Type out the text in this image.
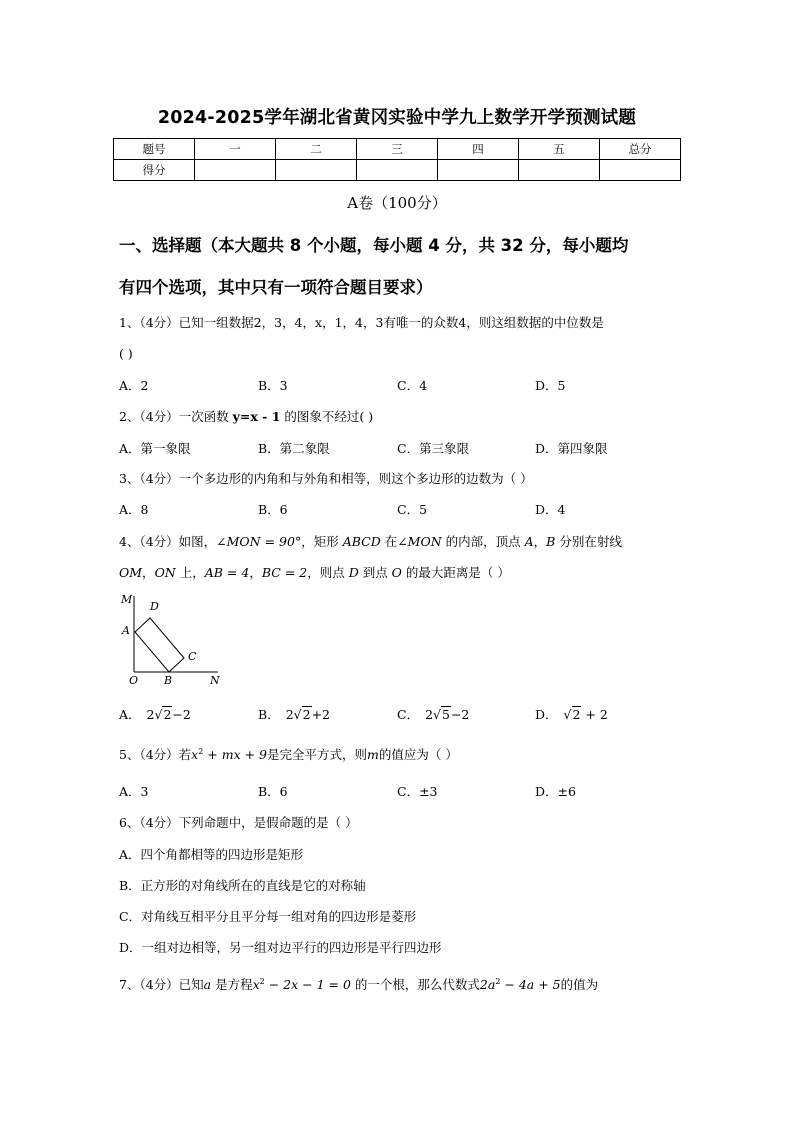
2024-2025学年湖北省黄冈实验中学九上数学开学预测试题
题号	一	二	三	四	五	总分
得分						
A卷（100分）
一、选择题（本大题共 8 个小题，每小题 4 分，共 32 分，每小题均
有四个选项，其中只有一项符合题目要求）
1、（4分）已知一组数据2，3，4，x，1，4，3有唯一的众数4，则这组数据的中位数是
( )
A．2	B．3	C．4	D．5
2、（4分）一次函数 y=x - 1 的图象不经过( )
A．第一象限	B．第二象限	C．第三象限	D．第四象限
3、（4分）一个多边形的内角和与外角和相等，则这个多边形的边数为（ ）
A．8	B．6	C．5	D．4
4、（4分）如图，∠MON = 90°，矩形 ABCD 在∠MON 的内部，顶点 A，B 分别在射线
OM，ON 上，AB = 4，BC = 2，则点 D 到点 O 的最大距离是（ ）
M
D
A
C
O B	N
A． 2√2−2	B． 2√2+2	C． 2√5−2	D． √2 + 2
5、（4分）若$x^2$ + mx + 9是完全平方式，则m的值应为（ ）
A．3	B．6	C．±3	D．±6
6、（4分）下列命题中，是假命题的是（ ）
A．四个角都相等的四边形是矩形
B．正方形的对角线所在的直线是它的对称轴
C．对角线互相平分且平分每一组对角的四边形是菱形
D．一组对边相等，另一组对边平行的四边形是平行四边形
7、（4分）已知a 是方程$x^2 - 2x - 1 = 0$ 的一个根，那么代数式$2a^2 - 4a + 5$的值为
